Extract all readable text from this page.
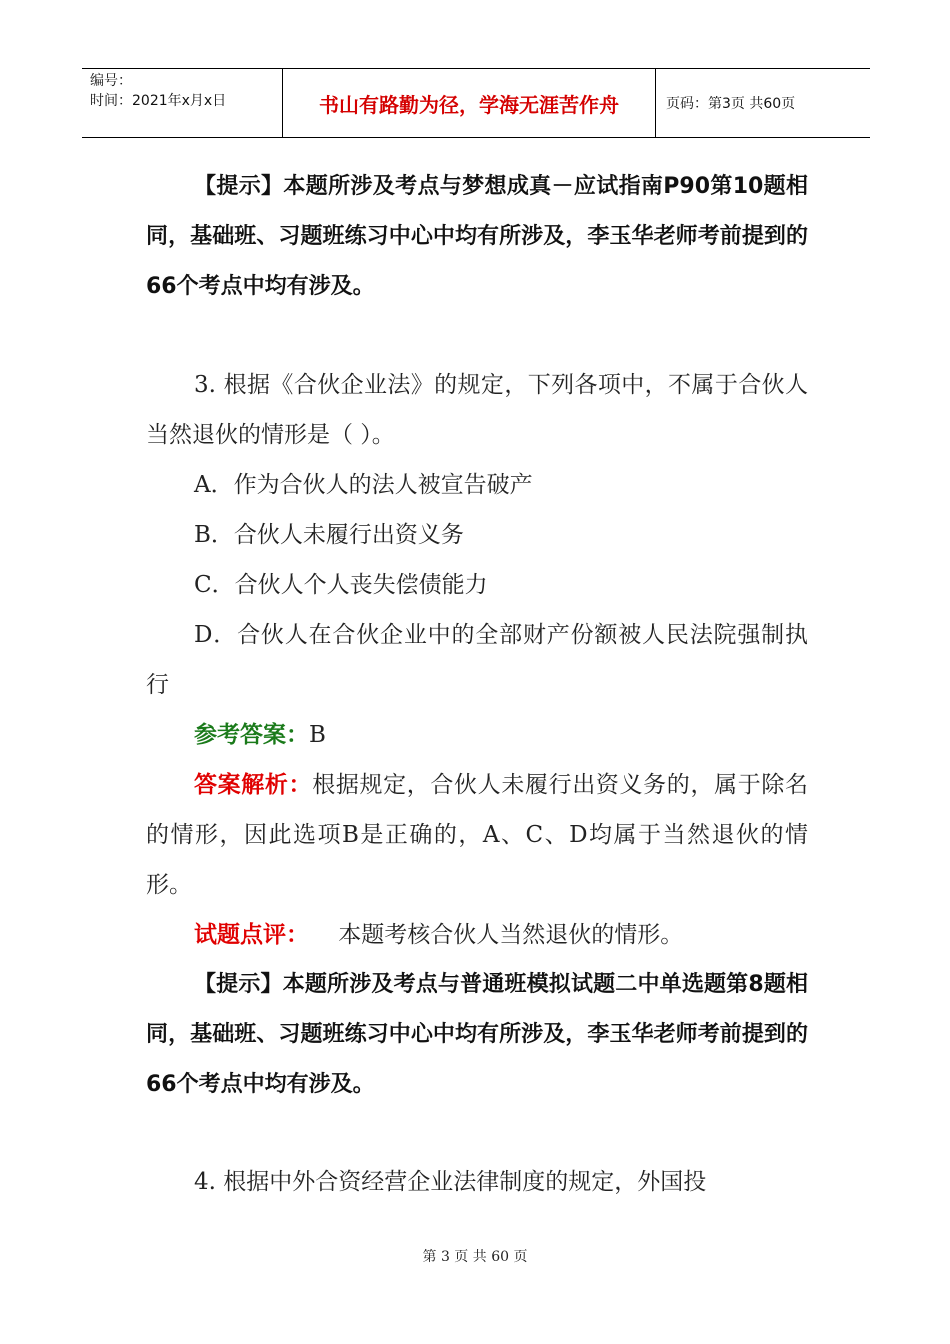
编号：
时间：2021年x月x日	书山有路勤为径，学海无涯苦作舟	页码：第3页 共60页

【提示】本题所涉及考点与梦想成真－应试指南P90第10题相同，基础班、习题班练习中心中均有所涉及，李玉华老师考前提到的66个考点中均有涉及。

3. 根据《合伙企业法》的规定，下列各项中，不属于合伙人当然退伙的情形是（ ）。

A．作为合伙人的法人被宣告破产

B．合伙人未履行出资义务

C．合伙人个人丧失偿债能力

D．合伙人在合伙企业中的全部财产份额被人民法院强制执行

参考答案：B

答案解析：根据规定，合伙人未履行出资义务的，属于除名的情形，因此选项B是正确的，A、C、D均属于当然退伙的情形。

试题点评：    本题考核合伙人当然退伙的情形。

【提示】本题所涉及考点与普通班模拟试题二中单选题第8题相同，基础班、习题班练习中心中均有所涉及，李玉华老师考前提到的66个考点中均有涉及。

4. 根据中外合资经营企业法律制度的规定，外国投

第 3 页 共 60 页
